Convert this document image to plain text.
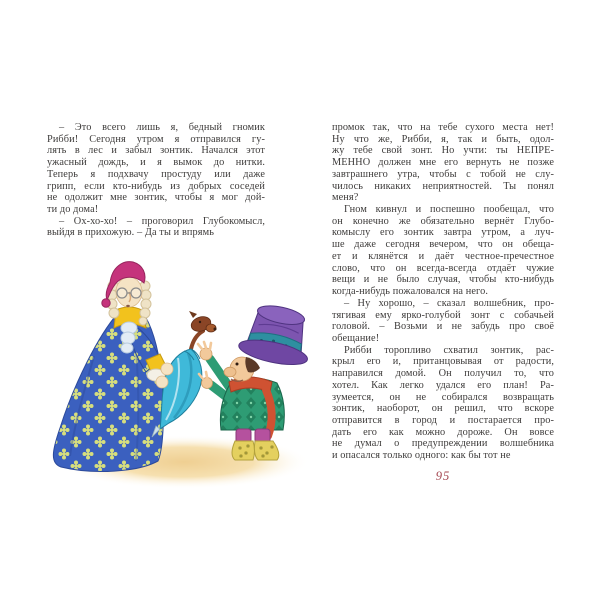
– Это всего лишь я, бедный гномик
Рибби! Сегодня утром я отправился гу-
лять в лес и забыл зонтик. Начался этот
ужасный дождь, и я вымок до нитки.
Теперь я подхвачу простуду или даже
грипп, если кто-нибудь из добрых соседей
не одолжит мне зонтик, чтобы я мог дой-
ти до дома!
– Ох-хо-хо! – проговорил Глубокомысл,
выйдя в прихожую. – Да ты и впрямь
промок так, что на тебе сухого места нет!
Ну что же, Рибби, я, так и быть, одол-
жу тебе свой зонт. Но учти: ты НЕПРЕ-
МЕННО должен мне его вернуть не позже
завтрашнего утра, чтобы с тобой не слу-
чилось никаких неприятностей. Ты понял
меня?
Гном кивнул и поспешно пообещал, что
он конечно же обязательно вернёт Глубо-
комыслу его зонтик завтра утром, а луч-
ше даже сегодня вечером, что он обеща-
ет и клянётся и даёт честное-пречестное
слово, что он всегда-всегда отдаёт чужие
вещи и не было случая, чтобы кто-нибудь
когда-нибудь пожаловался на него.
– Ну хорошо, – сказал волшебник, про-
тягивая ему ярко-голубой зонт с собачьей
головой. – Возьми и не забудь про своё
обещание!
Рибби торопливо схватил зонтик, рас-
крыл его и, пританцовывая от радости,
направился домой. Он получил то, что
хотел. Как легко удался его план! Ра-
зумеется, он не собирался возвращать
зонтик, наоборот, он решил, что вскоре
отправится в город и постарается про-
дать его как можно дороже. Он вовсе
не думал о предупреждении волшебника
и опасался только одного: как бы тот не
95
